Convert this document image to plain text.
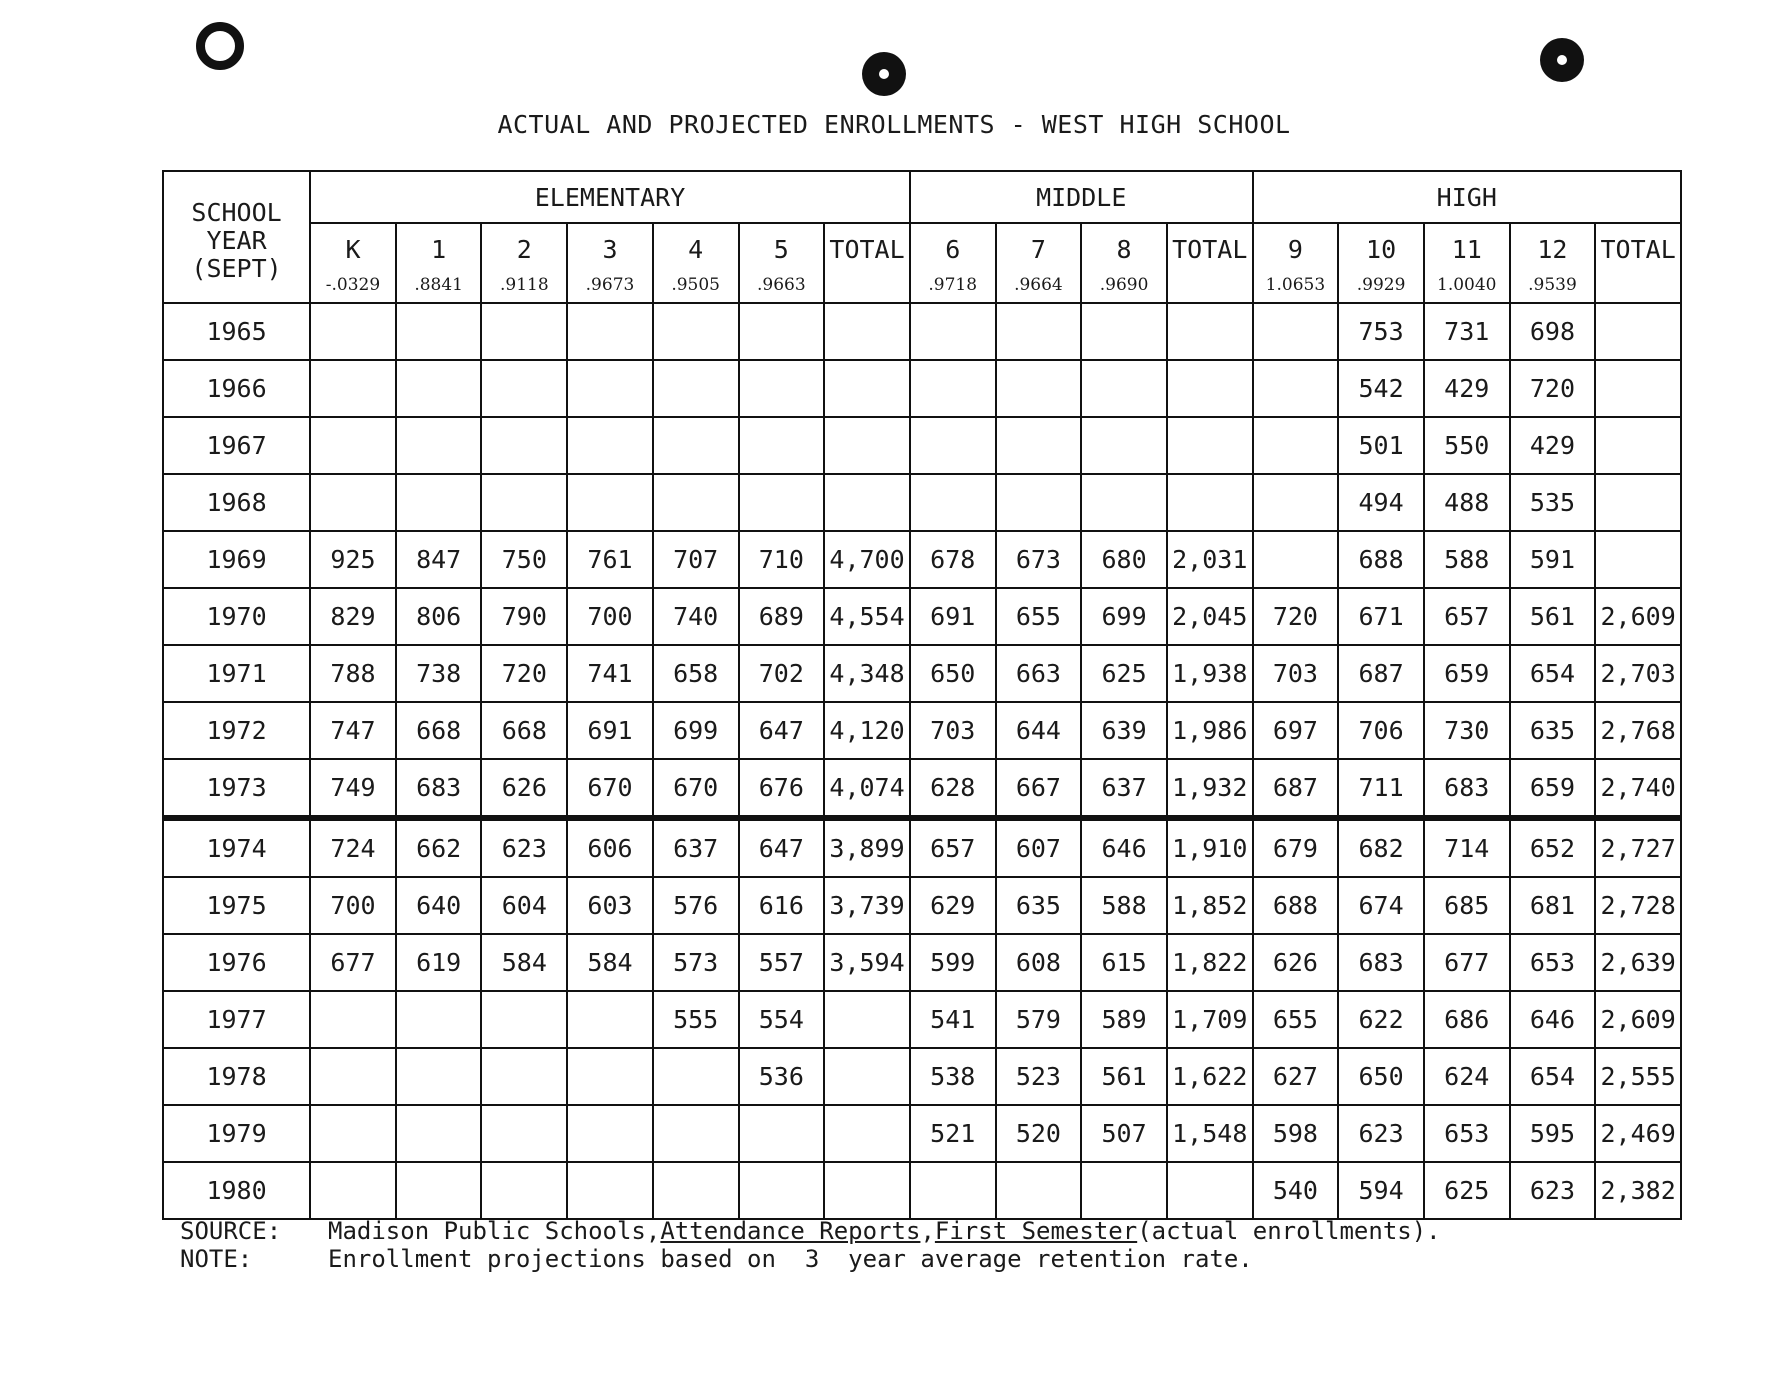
ACTUAL AND PROJECTED ENROLLMENTS - WEST HIGH SCHOOL
SCHOOL
YEAR
(SEPT)	ELEMENTARY							MIDDLE				HIGH				
	K	1	2	3	4	5	TOTAL	6	7	8	TOTAL	9	10	11	12	TOTAL
	-.0329	.8841	.9118	.9673	.9505	.9663		.9718	.9664	.9690		1.0653	.9929	1.0040	.9539	
1965													753	731	698	
1966													542	429	720	
1967													501	550	429	
1968													494	488	535	
1969	925	847	750	761	707	710	4,700	678	673	680	2,031		688	588	591	
1970	829	806	790	700	740	689	4,554	691	655	699	2,045	720	671	657	561	2,609
1971	788	738	720	741	658	702	4,348	650	663	625	1,938	703	687	659	654	2,703
1972	747	668	668	691	699	647	4,120	703	644	639	1,986	697	706	730	635	2,768
1973	749	683	626	670	670	676	4,074	628	667	637	1,932	687	711	683	659	2,740
1974	724	662	623	606	637	647	3,899	657	607	646	1,910	679	682	714	652	2,727
1975	700	640	604	603	576	616	3,739	629	635	588	1,852	688	674	685	681	2,728
1976	677	619	584	584	573	557	3,594	599	608	615	1,822	626	683	677	653	2,639
1977					555	554		541	579	589	1,709	655	622	686	646	2,609
1978						536		538	523	561	1,622	627	650	624	654	2,555
1979								521	520	507	1,548	598	623	653	595	2,469
1980												540	594	625	623	2,382
SOURCE: Madison Public Schools,Attendance Reports,First Semester(actual enrollments).
NOTE:	Enrollment projections based on  3  year average retention rate.
